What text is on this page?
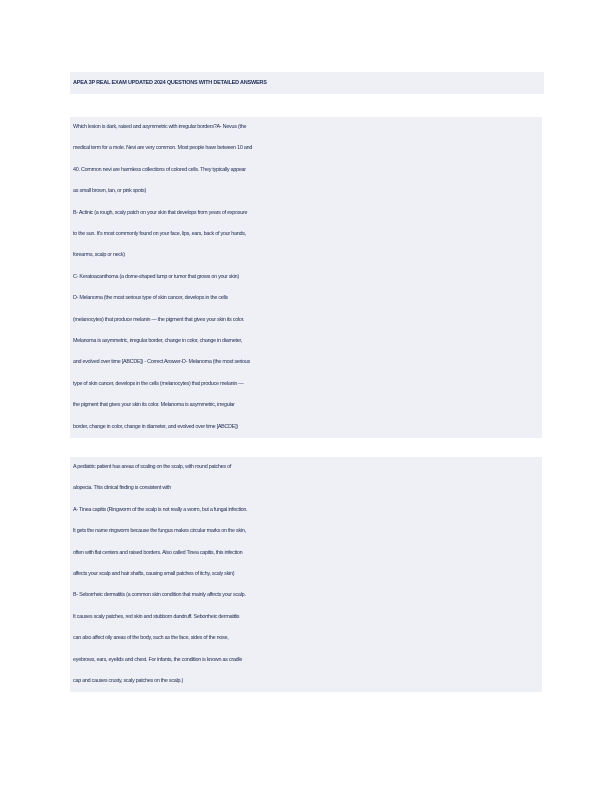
APEA 3P REAL EXAM UPDATED 2024 QUESTIONS WITH DETAILED ANSWERS
Which lesion is dark, raised and asymmetric with irregular borders?A- Nevus (the
medical term for a mole. Nevi are very common. Most people have between 10 and
40. Common nevi are harmless collections of colored cells. They typically appear
as small brown, tan, or pink spots)
B- Actinic (a rough, scaly patch on your skin that develops from years of exposure
to the sun. It's most commonly found on your face, lips, ears, back of your hands,
forearms, scalp or neck)
C- Keratoacanthoma (a dome-shaped lump or tumor that grows on your skin)
D- Melanoma (the most serious type of skin cancer, develops in the cells
(melanocytes) that produce melanin — the pigment that gives your skin its color.
Melanoma is asymmetric, irregular border, change in color, change in diameter,
and evolved over time [ABCDE]) - Correct Answer-D- Melanoma (the most serious
type of skin cancer, develops in the cells (melanocytes) that produce melanin —
the pigment that gives your skin its color. Melanoma is asymmetric, irregular
border, change in color, change in diameter, and evolved over time [ABCDE])
A pediatric patient has areas of scaling on the scalp, with round patches of
alopecia. This clinical finding is consistent with
A- Tinea capitis (Ringworm of the scalp is not really a worm, but a fungal infection.
It gets the name ringworm because the fungus makes circular marks on the skin,
often with flat centers and raised borders. Also called Tinea capitis, this infection
affects your scalp and hair shafts, causing small patches of itchy, scaly skin)
B- Seborrheic dermatitis (a common skin condition that mainly affects your scalp.
It causes scaly patches, red skin and stubborn dandruff. Seborrheic dermatitis
can also affect oily areas of the body, such as the face, sides of the nose,
eyebrows, ears, eyelids and chest. For infants, the condition is known as cradle
cap and causes crusty, scaly patches on the scalp.)
